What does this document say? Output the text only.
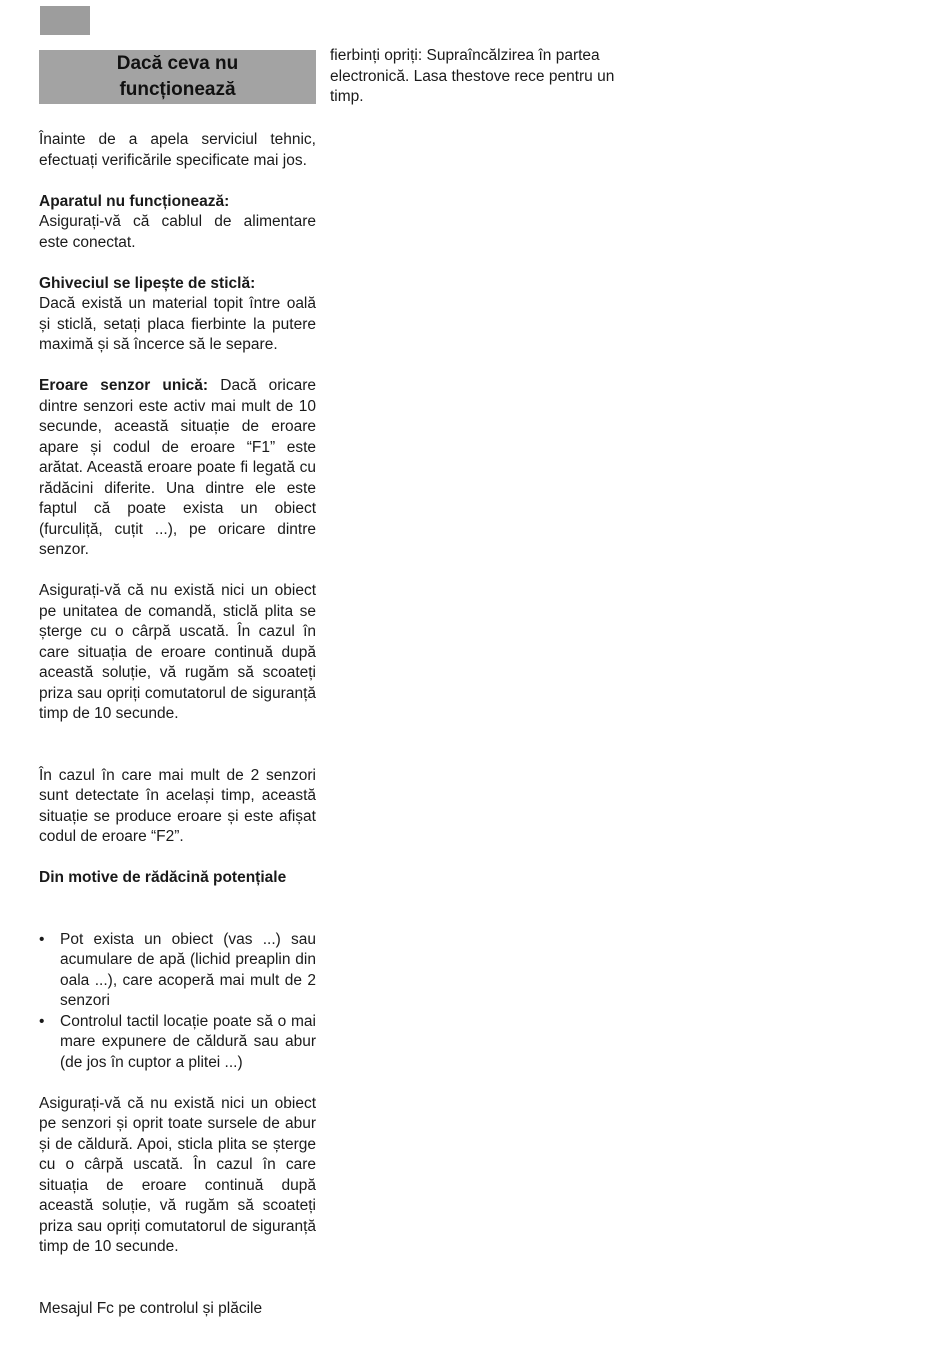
Dacă ceva nu
funcționează

Înainte de a apela serviciul tehnic, efectuați verificările specificate mai jos.

Aparatul nu funcționează:
Asigurați-vă că cablul de alimentare este conectat.

Ghiveciul se lipește de sticlă:
Dacă există un material topit între oală și sticlă, setați placa fierbinte la putere maximă și să încerce să le separe.

Eroare senzor unică: Dacă oricare dintre senzori este activ mai mult de 10 secunde, această situație de eroare apare și codul de eroare “F1” este arătat. Această eroare poate fi legată cu rădăcini diferite. Una dintre ele este faptul că poate exista un obiect (furculiță, cuțit ...), pe oricare dintre senzor.

Asigurați-vă că nu există nici un obiect pe unitatea de comandă, sticlă plita se șterge cu o cârpă uscată. În cazul în care situația de eroare continuă după această soluție, vă rugăm să scoateți priza sau opriți comutatorul de siguranță timp de 10 secunde.

În cazul în care mai mult de 2 senzori sunt detectate în același timp, această situație se produce eroare și este afișat codul de eroare “F2”.

Din motive de rădăcină potențiale

• Pot exista un obiect (vas ...) sau acumulare de apă (lichid preaplin din oala ...), care acoperă mai mult de 2 senzori
• Controlul tactil locație poate să o mai mare expunere de căldură sau abur (de jos în cuptor a plitei ...)

Asigurați-vă că nu există nici un obiect pe senzori și oprit toate sursele de abur și de căldură. Apoi, sticla plita se șterge cu o cârpă uscată. În cazul în care situația de eroare continuă după această soluție, vă rugăm să scoateți priza sau opriți comutatorul de siguranță timp de 10 secunde.

Mesajul Fc pe controlul și plăcile

fierbinți opriți: Supraîncălzirea în partea electronică. Lasa thestove rece pentru un timp.
